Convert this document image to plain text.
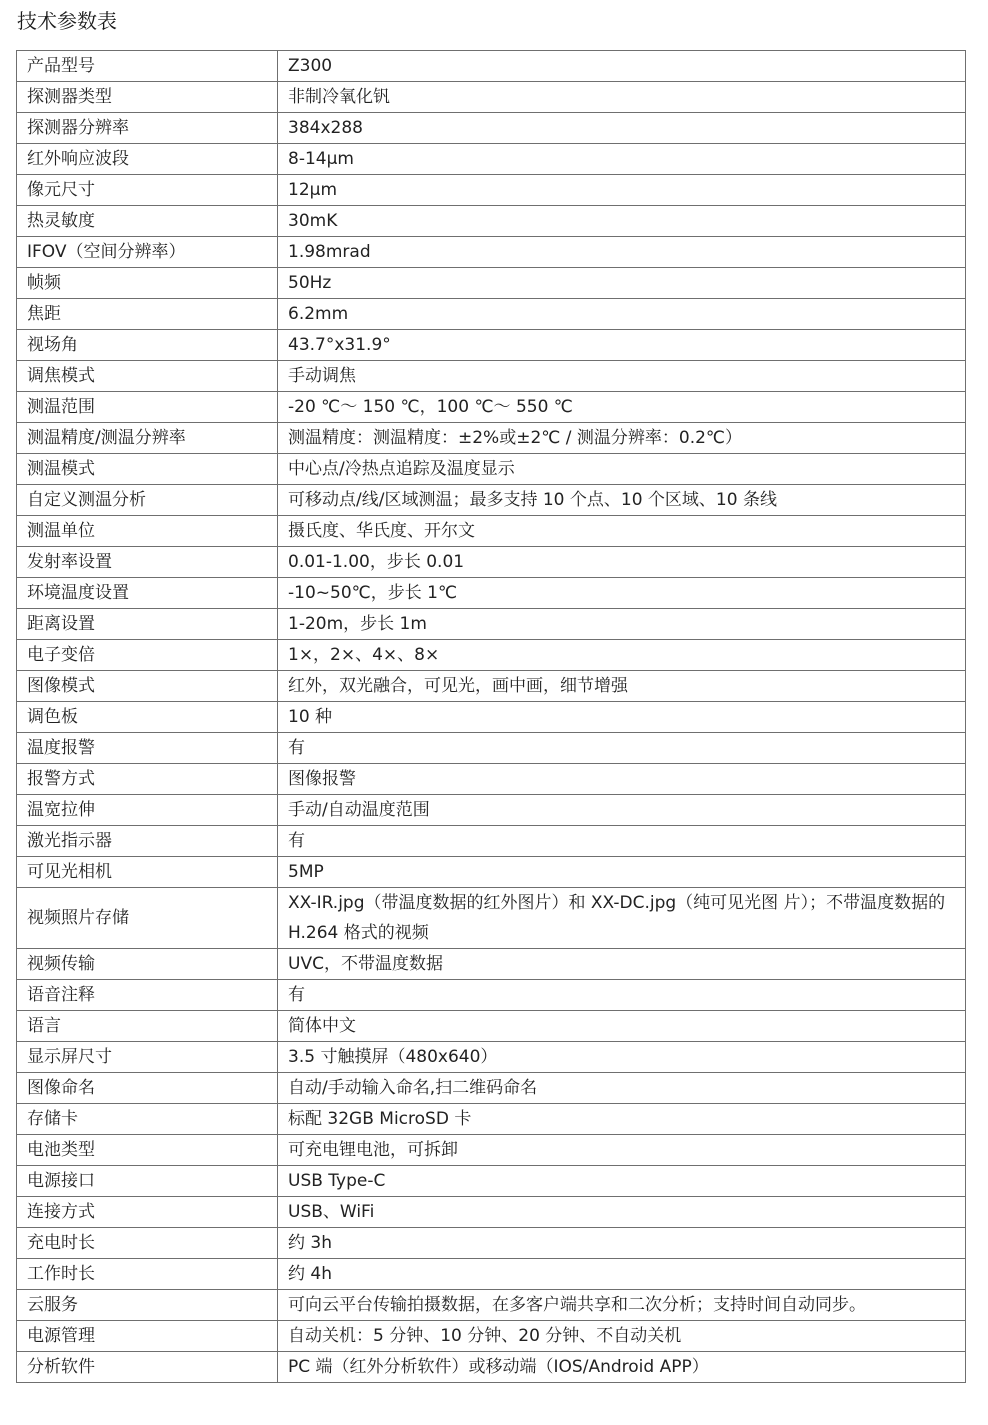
技术参数表
产品型号	Z300
探测器类型	非制冷氧化钒
探测器分辨率	384x288
红外响应波段	8-14μm
像元尺寸	12μm
热灵敏度	30mK
IFOV（空间分辨率）	1.98mrad
帧频	50Hz
焦距	6.2mm
视场角	43.7°x31.9°
调焦模式	手动调焦
测温范围	-20 ℃～ 150 ℃，100 ℃～ 550 ℃
测温精度/测温分辨率	测温精度：测温精度：±2%或±2℃ / 测温分辨率：0.2℃）
测温模式	中心点/冷热点追踪及温度显示
自定义测温分析	可移动点/线/区域测温；最多支持 10 个点、10 个区域、10 条线
测温单位	摄氏度、华氏度、开尔文
发射率设置	0.01-1.00，步长 0.01
环境温度设置	-10~50℃，步长 1℃
距离设置	1-20m，步长 1m
电子变倍	1×，2×、4×、8×
图像模式	红外，双光融合，可见光，画中画，细节增强
调色板	10 种
温度报警	有
报警方式	图像报警
温宽拉伸	手动/自动温度范围
激光指示器	有
可见光相机	5MP
视频照片存储	XX-IR.jpg（带温度数据的红外图片）和 XX-DC.jpg（纯可见光图 片）；不带温度数据的 H.264 格式的视频
视频传输	UVC，不带温度数据
语音注释	有
语言	简体中文
显示屏尺寸	3.5 寸触摸屏（480x640）
图像命名	自动/手动输入命名,扫二维码命名
存储卡	标配 32GB MicroSD 卡
电池类型	可充电锂电池，可拆卸
电源接口	USB Type-C
连接方式	USB、WiFi
充电时长	约 3h
工作时长	约 4h
云服务	可向云平台传输拍摄数据，在多客户端共享和二次分析；支持时间自动同步。
电源管理	自动关机：5 分钟、10 分钟、20 分钟、不自动关机
分析软件	PC 端（红外分析软件）或移动端（IOS/Android APP）
